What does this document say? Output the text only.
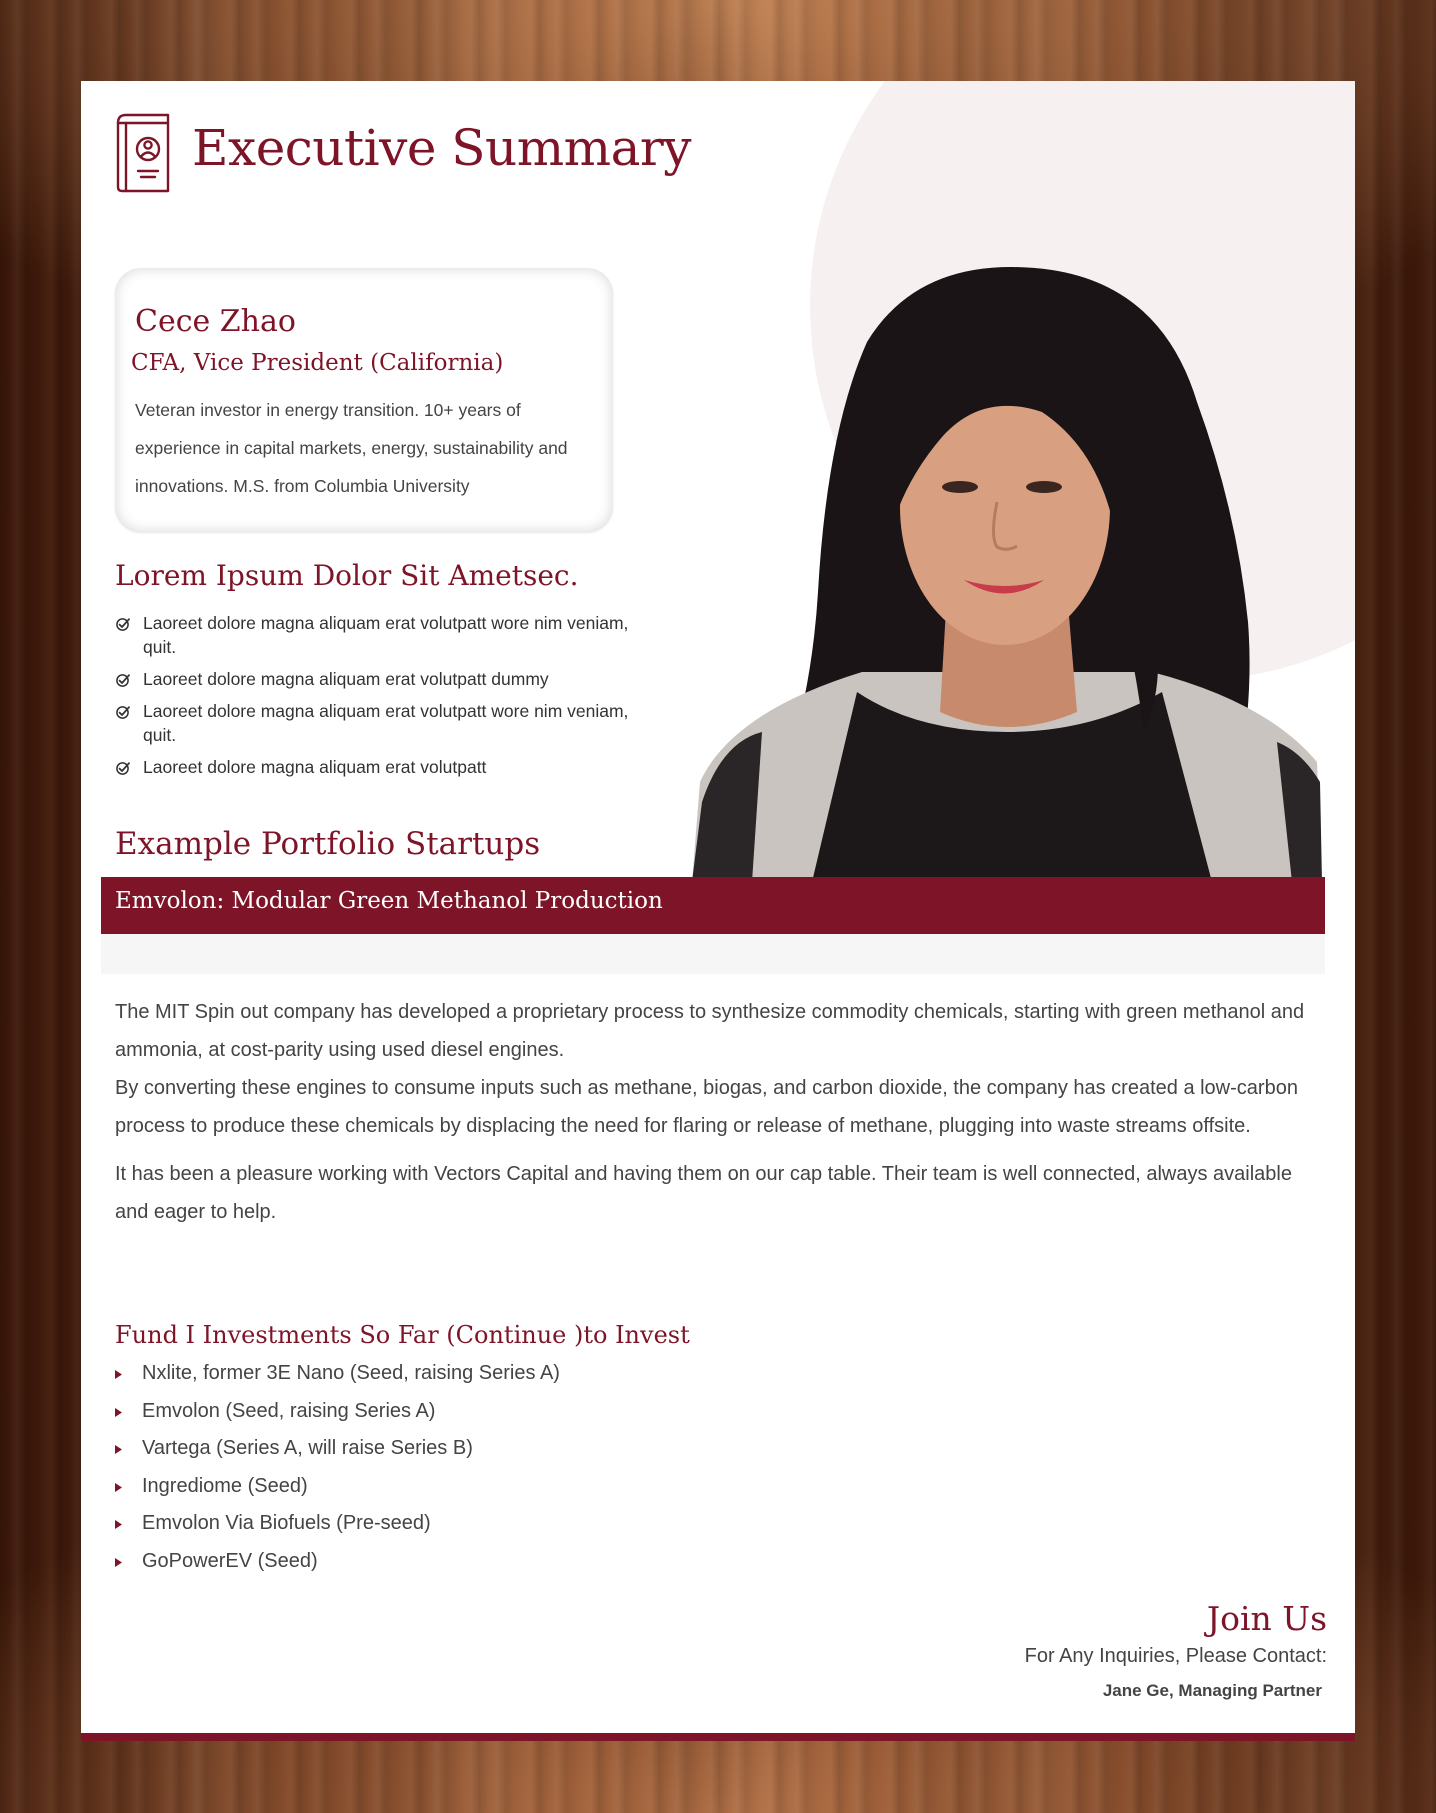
Executive Summary
Cece Zhao
CFA, Vice President (California)
Veteran investor in energy transition. 10+ years of experience in capital markets, energy, sustainability and innovations. M.S. from Columbia University
Lorem Ipsum Dolor Sit Ametsec.
Laoreet dolore magna aliquam erat volutpatt wore nim veniam, quit.
Laoreet dolore magna aliquam erat volutpatt dummy
Laoreet dolore magna aliquam erat volutpatt wore nim veniam, quit.
Laoreet dolore magna aliquam erat volutpatt
Example Portfolio Startups
Emvolon: Modular Green Methanol Production

The MIT Spin out company has developed a proprietary process to synthesize commodity chemicals, starting with green methanol and ammonia, at cost-parity using used diesel engines.

By converting these engines to consume inputs such as methane, biogas, and carbon dioxide, the company has created a low-carbon process to produce these chemicals by displacing the need for flaring or release of methane, plugging into waste streams offsite.

It has been a pleasure working with Vectors Capital and having them on our cap table. Their team is well connected, always available and eager to help.

Fund I Investments So Far (Continue )to Invest
Nxlite, former 3E Nano (Seed, raising Series A)
Emvolon (Seed, raising Series A)
Vartega (Series A, will raise Series B)
Ingrediome (Seed)
Emvolon Via Biofuels (Pre-seed)
GoPowerEV (Seed)
Join Us
For Any Inquiries, Please Contact:
Jane Ge, Managing Partner
